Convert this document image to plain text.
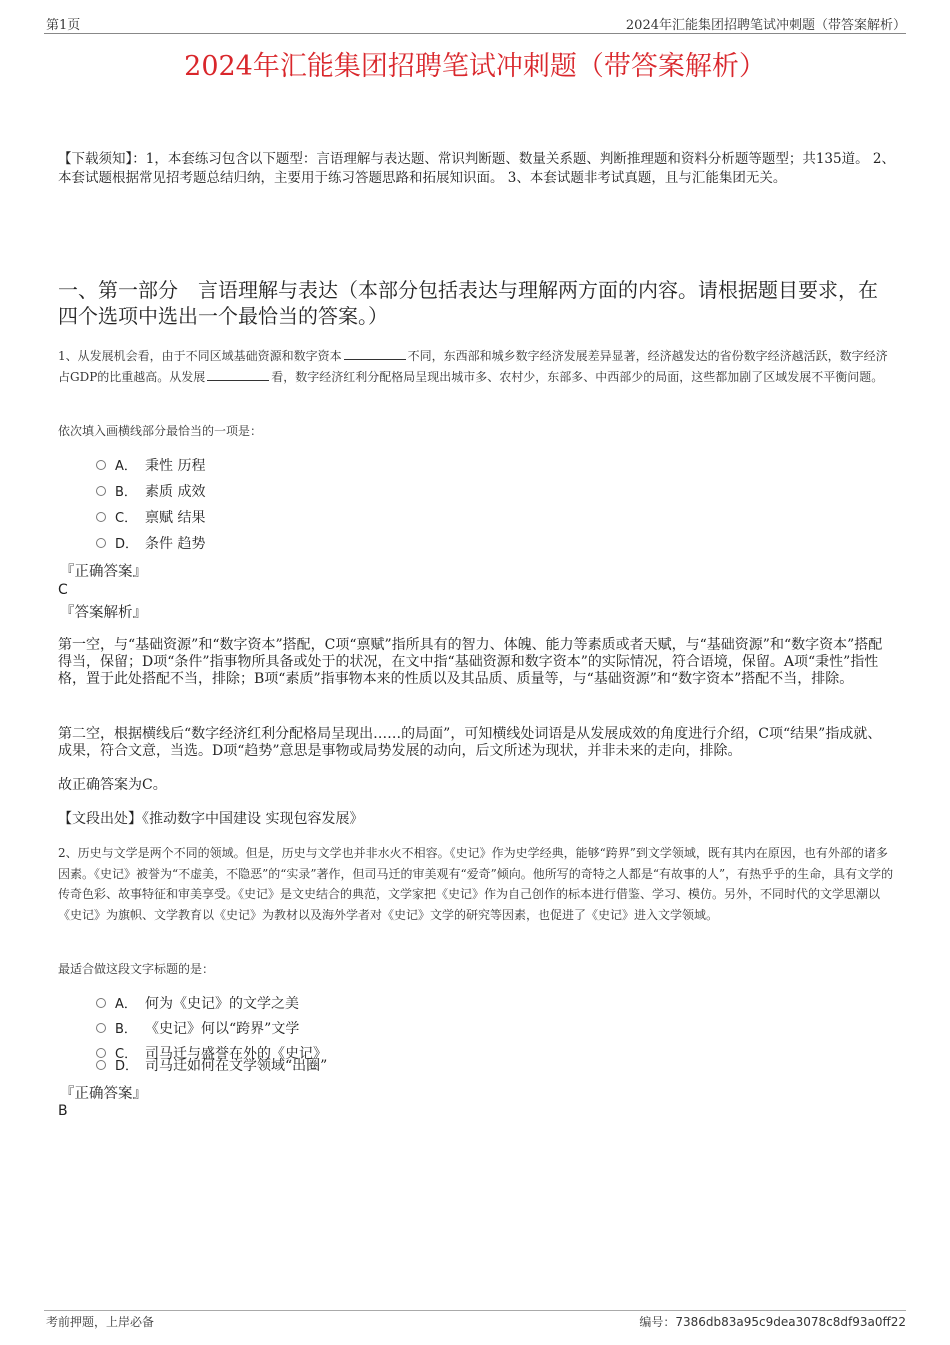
第1页	2024年汇能集团招聘笔试冲刺题（带答案解析）
2024年汇能集团招聘笔试冲刺题（带答案解析）
【下载须知】：1，本套练习包含以下题型：言语理解与表达题、常识判断题、数量关系题、判断推理题和资料分析题等题型；共135道。 2、本套试题根据常见招考题总结归纳，主要用于练习答题思路和拓展知识面。 3、本套试题非考试真题，且与汇能集团无关。
一、第一部分　言语理解与表达（本部分包括表达与理解两方面的内容。请根据题目要求，在四个选项中选出一个最恰当的答案。）
1、从发展机会看，由于不同区域基础资源和数字资本	不同，东西部和城乡数字经济发展差异显著，经济越发达的省份数字经济越活跃，数字经济占GDP的比重越高。从发展	看，数字经济红利分配格局呈现出城市多、农村少，东部多、中西部少的局面，这些都加剧了区域发展不平衡问题。
依次填入画横线部分最恰当的一项是：
A． 秉性 历程
B． 素质 成效
C． 禀赋 结果
D． 条件 趋势
『正确答案』
C
『答案解析』
第一空，与“基础资源”和“数字资本”搭配，C项“禀赋”指所具有的智力、体魄、能力等素质或者天赋，与“基础资源”和“数字资本”搭配得当，保留；D项“条件”指事物所具备或处于的状况，在文中指“基础资源和数字资本”的实际情况，符合语境，保留。A项“秉性”指性格，置于此处搭配不当，排除；B项“素质”指事物本来的性质以及其品质、质量等，与“基础资源”和“数字资本”搭配不当，排除。
第二空，根据横线后“数字经济红利分配格局呈现出……的局面”，可知横线处词语是从发展成效的角度进行介绍，C项“结果”指成就、成果，符合文意，当选。D项“趋势”意思是事物或局势发展的动向，后文所述为现状，并非未来的走向，排除。
故正确答案为C。
【文段出处】《推动数字中国建设 实现包容发展》
2、历史与文学是两个不同的领域。但是，历史与文学也并非水火不相容。《史记》作为史学经典，能够“跨界”到文学领域，既有其内在原因，也有外部的诸多因素。《史记》被誉为“不虚美，不隐恶”的“实录”著作，但司马迁的审美观有“爱奇”倾向。他所写的奇特之人都是“有故事的人”，有热乎乎的生命，具有文学的传奇色彩、故事特征和审美享受。《史记》是文史结合的典范，文学家把《史记》作为自己创作的标本进行借鉴、学习、模仿。另外，不同时代的文学思潮以《史记》为旗帜、文学教育以《史记》为教材以及海外学者对《史记》文学的研究等因素，也促进了《史记》进入文学领域。
最适合做这段文字标题的是：
A． 何为《史记》的文学之美
B． 《史记》何以“跨界”文学
C． 司马迁与盛誉在外的《史记》
D． 司马迁如何在文学领域“出圈”
『正确答案』
B
考前押题，上岸必备	编号：7386db83a95c9dea3078c8df93a0ff22
